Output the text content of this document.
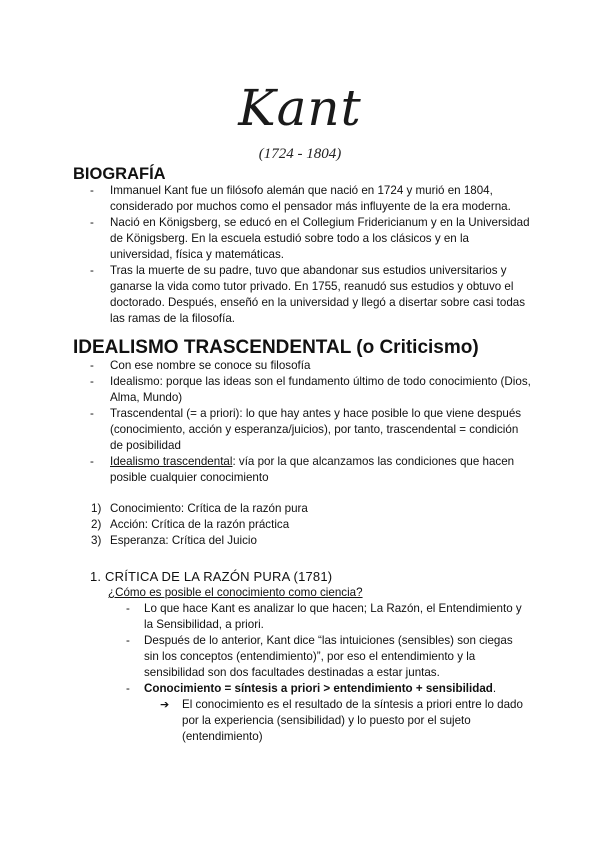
Kant
(1724 - 1804)
BIOGRAFÍA
- Immanuel Kant fue un filósofo alemán que nació en 1724 y murió en 1804, considerado por muchos como el pensador más influyente de la era moderna.
- Nació en Königsberg, se educó en el Collegium Fridericianum y en la Universidad de Königsberg. En la escuela estudió sobre todo a los clásicos y en la universidad, física y matemáticas.
- Tras la muerte de su padre, tuvo que abandonar sus estudios universitarios y ganarse la vida como tutor privado. En 1755, reanudó sus estudios y obtuvo el doctorado. Después, enseñó en la universidad y llegó a disertar sobre casi todas las ramas de la filosofía.
IDEALISMO TRASCENDENTAL (o Criticismo)
- Con ese nombre se conoce su filosofía
- Idealismo: porque las ideas son el fundamento último de todo conocimiento (Dios, Alma, Mundo)
- Trascendental (= a priori): lo que hay antes y hace posible lo que viene después (conocimiento, acción y esperanza/juicios), por tanto, trascendental = condición de posibilidad
- Idealismo trascendental: vía por la que alcanzamos las condiciones que hacen posible cualquier conocimiento
1) Conocimiento: Crítica de la razón pura
2) Acción: Crítica de la razón práctica
3) Esperanza: Crítica del Juicio
1. CRÍTICA DE LA RAZÓN PURA (1781)
¿Cómo es posible el conocimiento como ciencia?
- Lo que hace Kant es analizar lo que hacen; La Razón, el Entendimiento y la Sensibilidad, a priori.
- Después de lo anterior, Kant dice “las intuiciones (sensibles) son ciegas sin los conceptos (entendimiento)”, por eso el entendimiento y la sensibilidad son dos facultades destinadas a estar juntas.
- Conocimiento = síntesis a priori > entendimiento + sensibilidad.
➔ El conocimiento es el resultado de la síntesis a priori entre lo dado por la experiencia (sensibilidad) y lo puesto por el sujeto (entendimiento)
